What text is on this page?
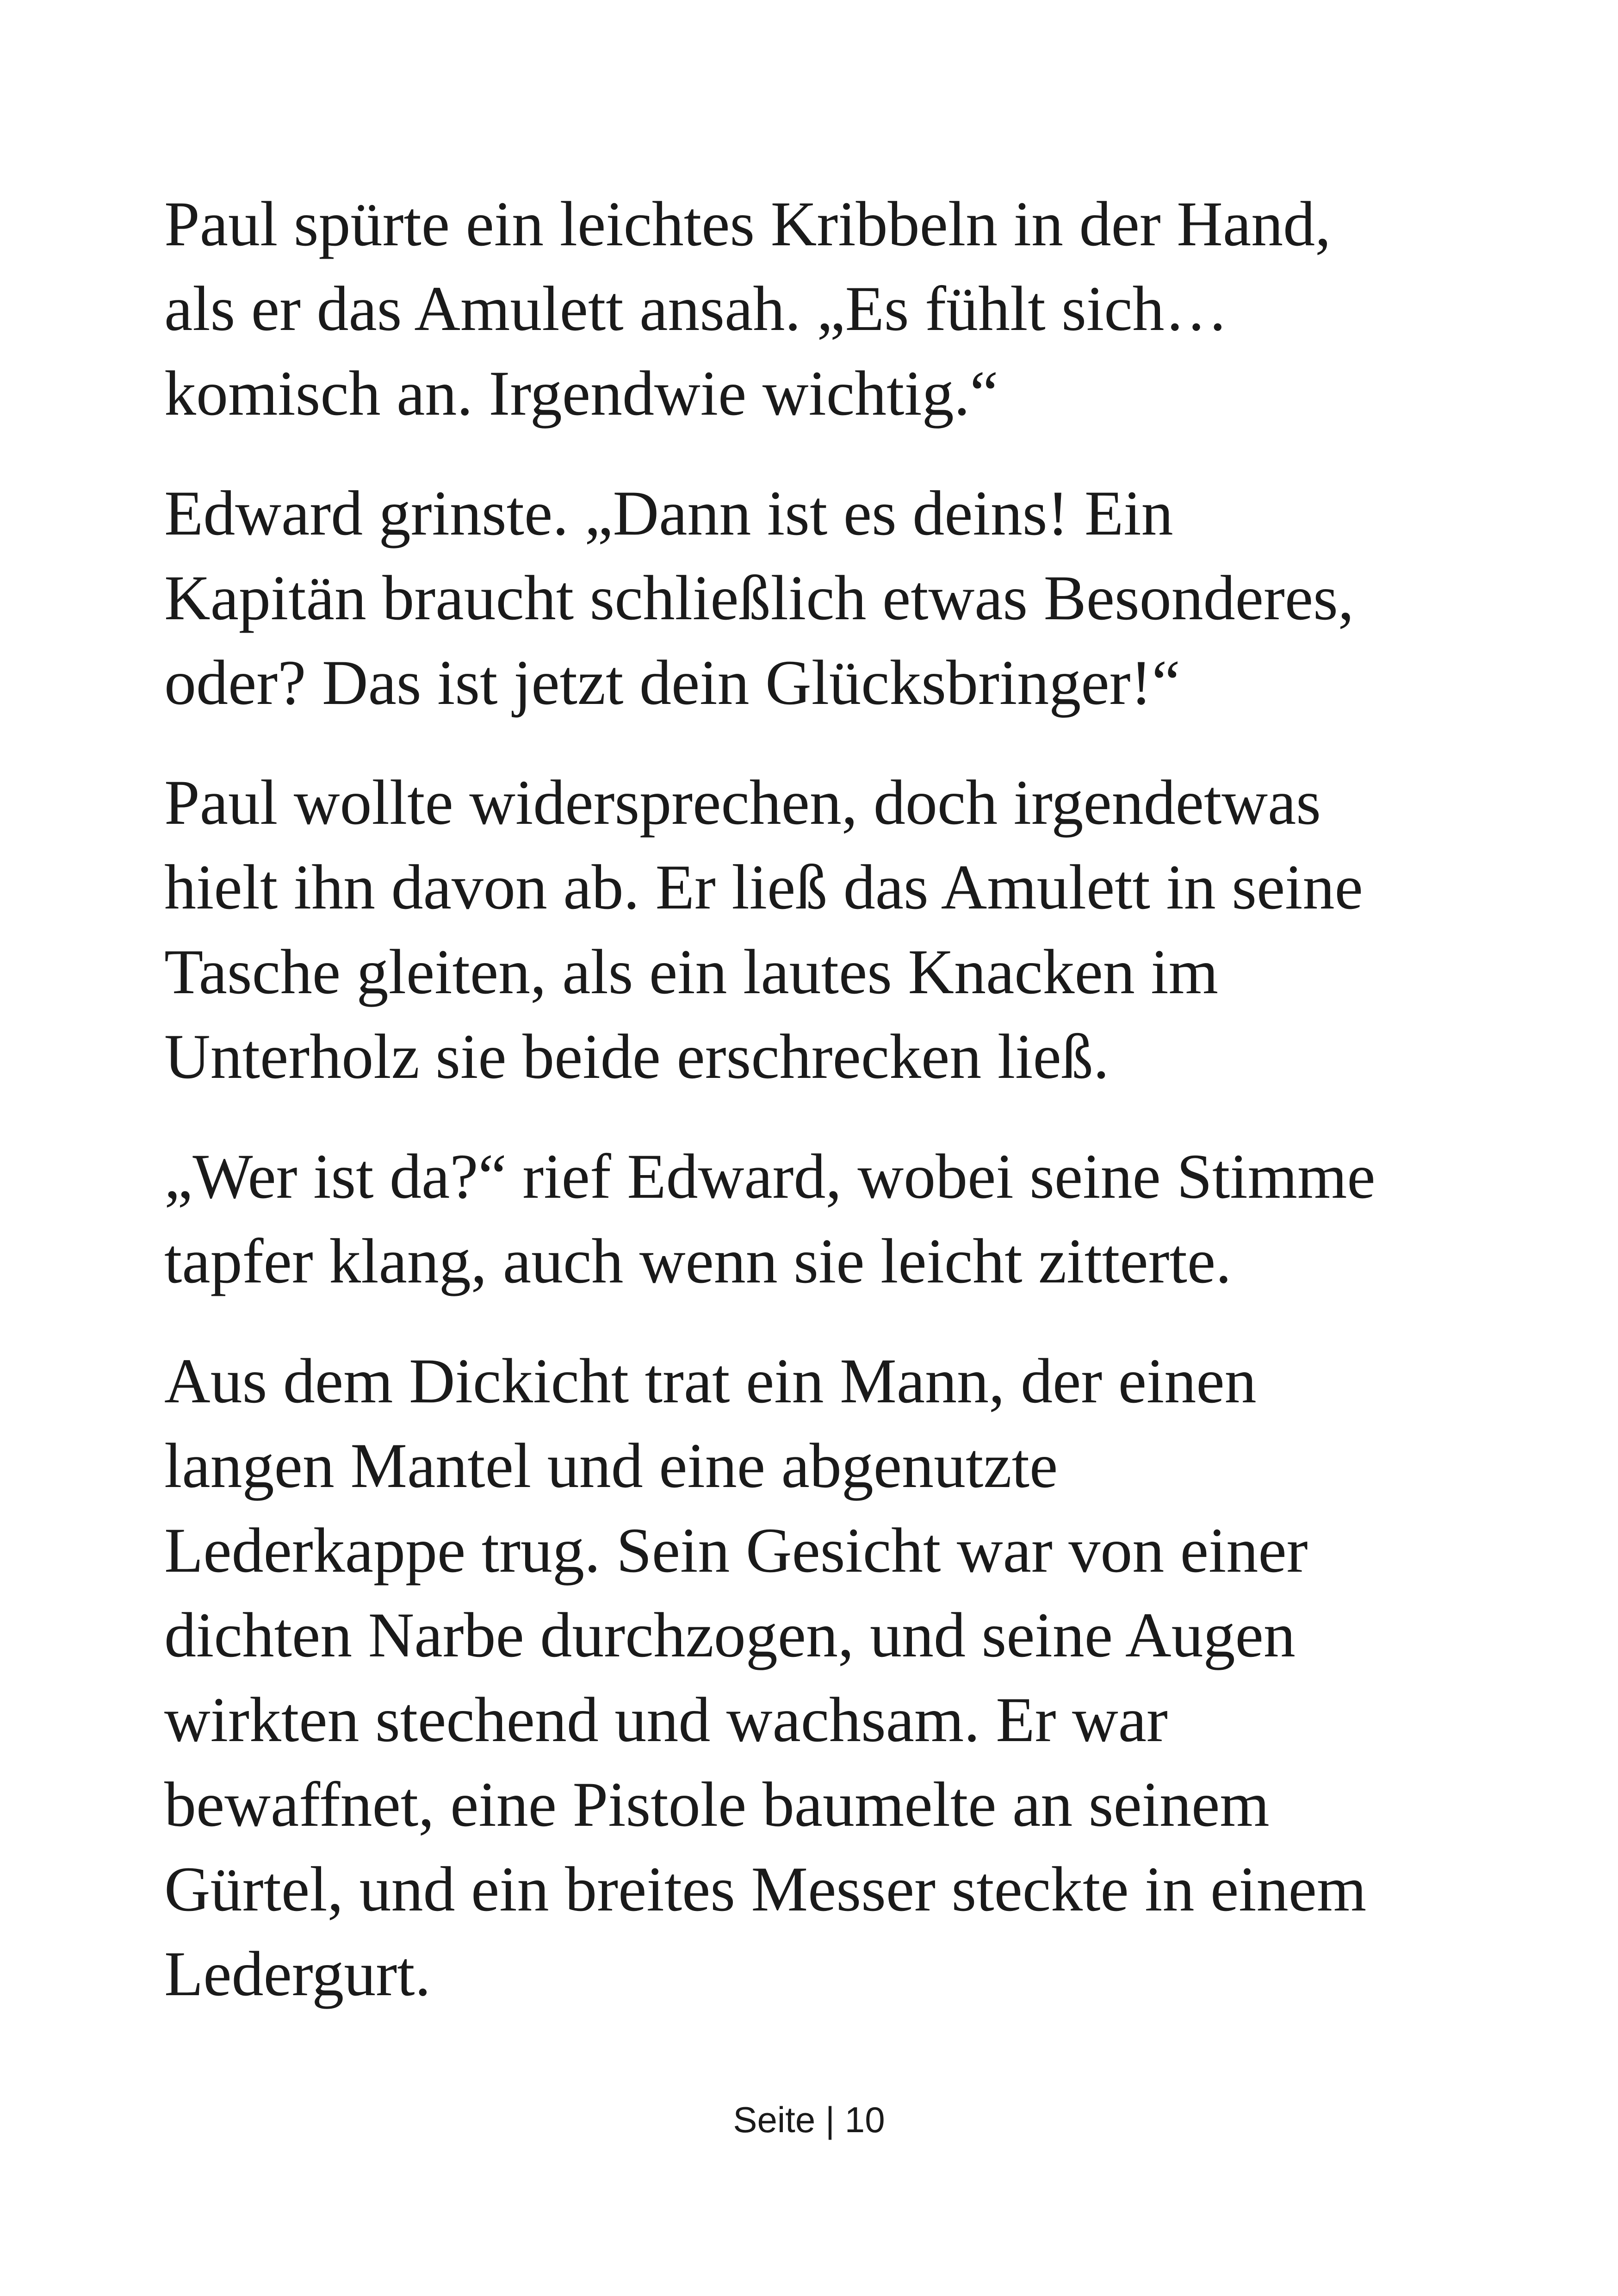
Paul spürte ein leichtes Kribbeln in der Hand,
als er das Amulett ansah. „Es fühlt sich…
komisch an. Irgendwie wichtig.“

Edward grinste. „Dann ist es deins! Ein
Kapitän braucht schließlich etwas Besonderes,
oder? Das ist jetzt dein Glücksbringer!“

Paul wollte widersprechen, doch irgendetwas
hielt ihn davon ab. Er ließ das Amulett in seine
Tasche gleiten, als ein lautes Knacken im
Unterholz sie beide erschrecken ließ.

„Wer ist da?“ rief Edward, wobei seine Stimme
tapfer klang, auch wenn sie leicht zitterte.

Aus dem Dickicht trat ein Mann, der einen
langen Mantel und eine abgenutzte
Lederkappe trug. Sein Gesicht war von einer
dichten Narbe durchzogen, und seine Augen
wirkten stechend und wachsam. Er war
bewaffnet, eine Pistole baumelte an seinem
Gürtel, und ein breites Messer steckte in einem
Ledergurt.

Seite | 10
